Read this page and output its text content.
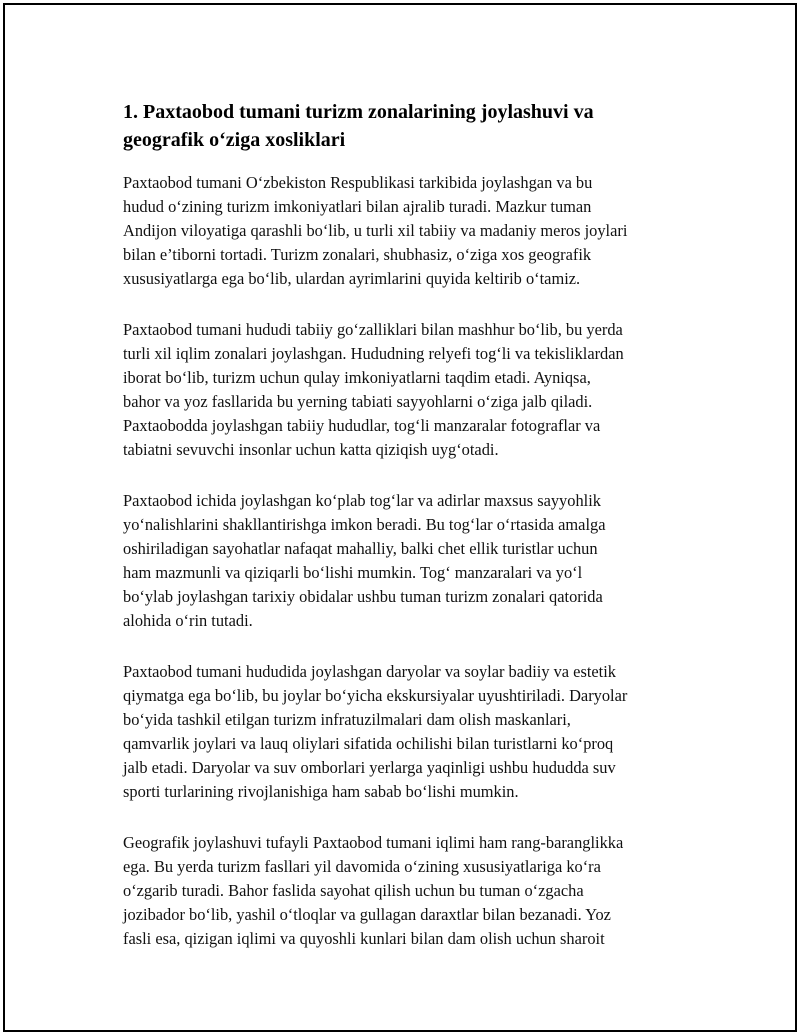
1. Paxtaobod tumani turizm zonalarining joylashuvi va
geografik o‘ziga xosliklari

Paxtaobod tumani O‘zbekiston Respublikasi tarkibida joylashgan va bu
hudud o‘zining turizm imkoniyatlari bilan ajralib turadi. Mazkur tuman
Andijon viloyatiga qarashli bo‘lib, u turli xil tabiiy va madaniy meros joylari
bilan e’tiborni tortadi. Turizm zonalari, shubhasiz, o‘ziga xos geografik
xususiyatlarga ega bo‘lib, ulardan ayrimlarini quyida keltirib o‘tamiz.

Paxtaobod tumani hududi tabiiy go‘zalliklari bilan mashhur bo‘lib, bu yerda
turli xil iqlim zonalari joylashgan. Hududning relyefi tog‘li va tekisliklardan
iborat bo‘lib, turizm uchun qulay imkoniyatlarni taqdim etadi. Ayniqsa,
bahor va yoz fasllarida bu yerning tabiati sayyohlarni o‘ziga jalb qiladi.
Paxtaobodda joylashgan tabiiy hududlar, tog‘li manzaralar fotograflar va
tabiatni sevuvchi insonlar uchun katta qiziqish uyg‘otadi.

Paxtaobod ichida joylashgan ko‘plab tog‘lar va adirlar maxsus sayyohlik
yo‘nalishlarini shakllantirishga imkon beradi. Bu tog‘lar o‘rtasida amalga
oshiriladigan sayohatlar nafaqat mahalliy, balki chet ellik turistlar uchun
ham mazmunli va qiziqarli bo‘lishi mumkin. Tog‘ manzaralari va yo‘l
bo‘ylab joylashgan tarixiy obidalar ushbu tuman turizm zonalari qatorida
alohida o‘rin tutadi.

Paxtaobod tumani hududida joylashgan daryolar va soylar badiiy va estetik
qiymatga ega bo‘lib, bu joylar bo‘yicha ekskursiyalar uyushtiriladi. Daryolar
bo‘yida tashkil etilgan turizm infratuzilmalari dam olish maskanlari,
qamvarlik joylari va lauq oliylari sifatida ochilishi bilan turistlarni ko‘proq
jalb etadi. Daryolar va suv omborlari yerlarga yaqinligi ushbu hududda suv
sporti turlarining rivojlanishiga ham sabab bo‘lishi mumkin.

Geografik joylashuvi tufayli Paxtaobod tumani iqlimi ham rang-baranglikka
ega. Bu yerda turizm fasllari yil davomida o‘zining xususiyatlariga ko‘ra
o‘zgarib turadi. Bahor faslida sayohat qilish uchun bu tuman o‘zgacha
jozibador bo‘lib, yashil o‘tloqlar va gullagan daraxtlar bilan bezanadi. Yoz
fasli esa, qizigan iqlimi va quyoshli kunlari bilan dam olish uchun sharoit
